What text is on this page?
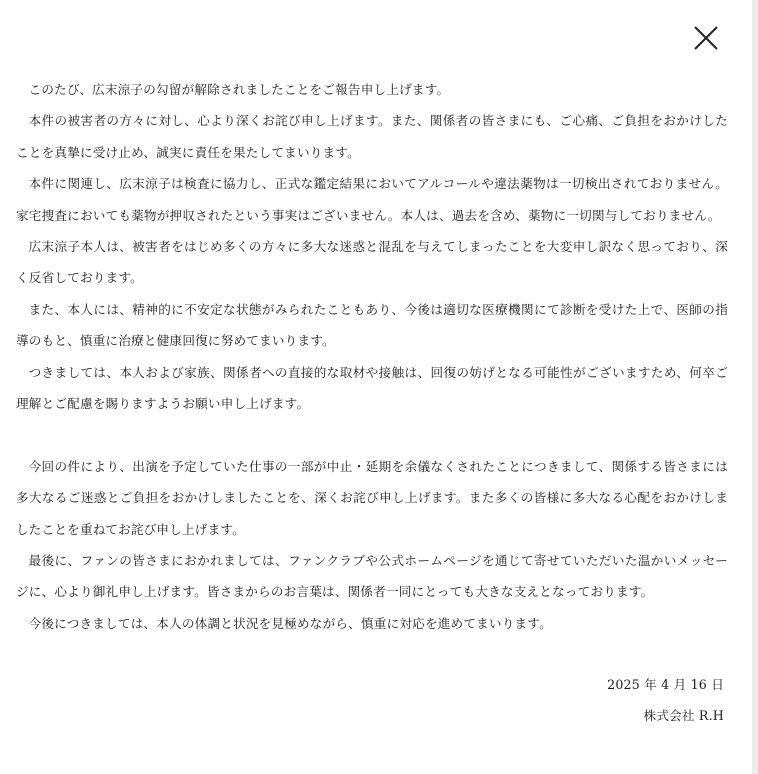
このたび、広末涼子の勾留が解除されましたことをご報告申し上げます。

本件の被害者の方々に対し、心より深くお詫び申し上げます。また、関係者の皆さまにも、ご心痛、ご負担をおかけしたことを真摯に受け止め、誠実に責任を果たしてまいります。

本件に関連し、広末涼子は検査に協力し、正式な鑑定結果においてアルコールや違法薬物は一切検出されておりません。家宅捜査においても薬物が押収されたという事実はございません。本人は、過去を含め、薬物に一切関与しておりません。

広末涼子本人は、被害者をはじめ多くの方々に多大な迷惑と混乱を与えてしまったことを大変申し訳なく思っており、深く反省しております。

また、本人には、精神的に不安定な状態がみられたこともあり、今後は適切な医療機関にて診断を受けた上で、医師の指導のもと、慎重に治療と健康回復に努めてまいります。

つきましては、本人および家族、関係者への直接的な取材や接触は、回復の妨げとなる可能性がございますため、何卒ご理解とご配慮を賜りますようお願い申し上げます。

今回の件により、出演を予定していた仕事の一部が中止・延期を余儀なくされたことにつきまして、関係する皆さまには多大なるご迷惑とご負担をおかけしましたことを、深くお詫び申し上げます。また多くの皆様に多大なる心配をおかけしましたことを重ねてお詫び申し上げます。

最後に、ファンの皆さまにおかれましては、ファンクラブや公式ホームページを通じて寄せていただいた温かいメッセージに、心より御礼申し上げます。皆さまからのお言葉は、関係者一同にとっても大きな支えとなっております。

今後につきましては、本人の体調と状況を見極めながら、慎重に対応を進めてまいります。

2025 年 4 月 16 日
株式会社 R.H
